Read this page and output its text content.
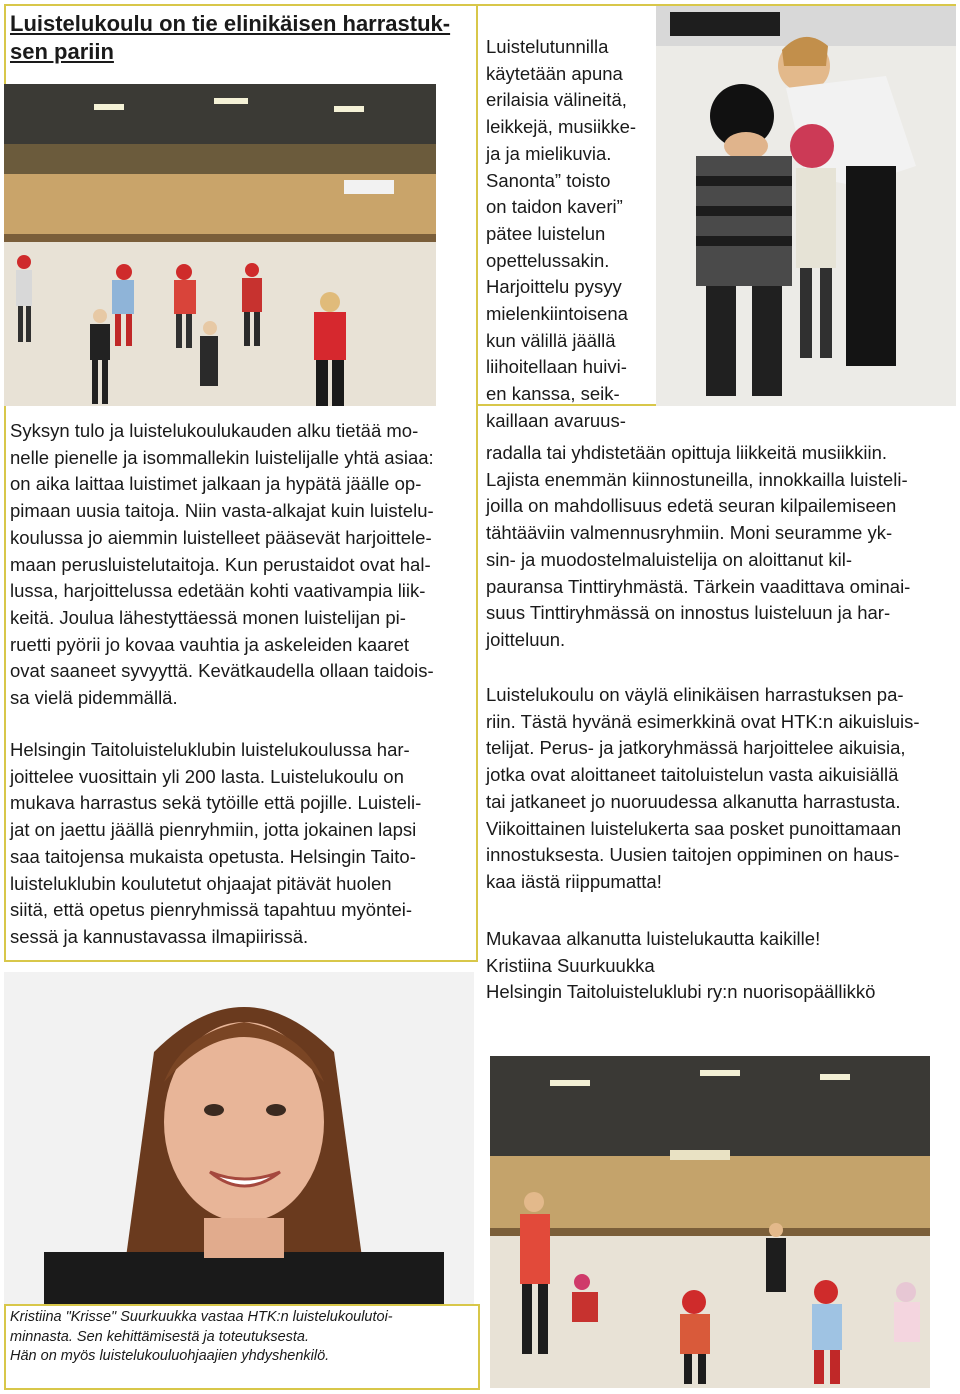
Luistelukoulu on tie elinikäisen harrastuk-
sen pariin	Luistelutunnilla
käytetään apuna
erilaisia välineitä,
leikkejä, musiikke-
ja ja mielikuvia.
Sanonta” toisto
on taidon kaveri”
pätee luistelun
opettelussakin.
Harjoittelu pysyy
mielenkiintoisena
kun välillä jäällä
liihoitellaan huivi-
en kanssa, seik-
kaillaan avaruus-

Syksyn tulo ja luistelukoulukauden alku tietää mo-
nelle pienelle ja isommallekin luistelijalle yhtä asiaa:
on aika laittaa luistimet jalkaan ja hypätä jäälle op-
pimaan uusia taitoja. Niin vasta-alkajat kuin luistelu-
koulussa jo aiemmin luistelleet pääsevät harjoittele-
maan perusluistelutaitoja. Kun perustaidot ovat hal-
lussa, harjoittelussa edetään kohti vaativampia liik-
keitä. Joulua lähestyttäessä monen luistelijan pi-
ruetti pyörii jo kovaa vauhtia ja askeleiden kaaret
ovat saaneet syvyyttä. Kevätkaudella ollaan taidois-
sa vielä pidemmällä.

Helsingin Taitoluisteluklubin luistelukoulussa har-
joittelee vuosittain yli 200 lasta. Luistelukoulu on
mukava harrastus sekä tytöille että pojille. Luisteli-
jat on jaettu jäällä pienryhmiin, jotta jokainen lapsi
saa taitojensa mukaista opetusta. Helsingin Taito-
luisteluklubin koulutetut ohjaajat pitävät huolen
siitä, että opetus pienryhmissä tapahtuu myöntei-
sessä ja kannustavassa ilmapiirissä.

radalla tai yhdistetään opittuja liikkeitä musiikkiin.
Lajista enemmän kiinnostuneilla, innokkailla luisteli-
joilla on mahdollisuus edetä seuran kilpailemiseen
tähtääviin valmennusryhmiin. Moni seuramme yk-
sin- ja muodostelmaluistelija on aloittanut kil-
pauransa Tinttiryhmästä. Tärkein vaadittava ominai-
suus Tinttiryhmässä on innostus luisteluun ja har-
joitteluun.

Luistelukoulu on väylä elinikäisen harrastuksen pa-
riin. Tästä hyvänä esimerkkinä ovat HTK:n aikuisluis-
telijat. Perus- ja jatkoryhmässä harjoittelee aikuisia,
jotka ovat aloittaneet taitoluistelun vasta aikuisiällä
tai jatkaneet jo nuoruudessa alkanutta harrastusta.
Viikoittainen luistelukerta saa posket punoittamaan
innostuksesta. Uusien taitojen oppiminen on haus-
kaa iästä riippumatta!

Mukavaa alkanutta luistelukautta kaikille!
Kristiina Suurkuukka
Helsingin Taitoluisteluklubi ry:n nuorisopäällikkö

Kristiina "Krisse" Suurkuukka vastaa HTK:n luistelukoulutoi-
minnasta. Sen kehittämisestä ja toteutuksesta.
Hän on myös luistelukouluohjaajien yhdyshenkilö.
